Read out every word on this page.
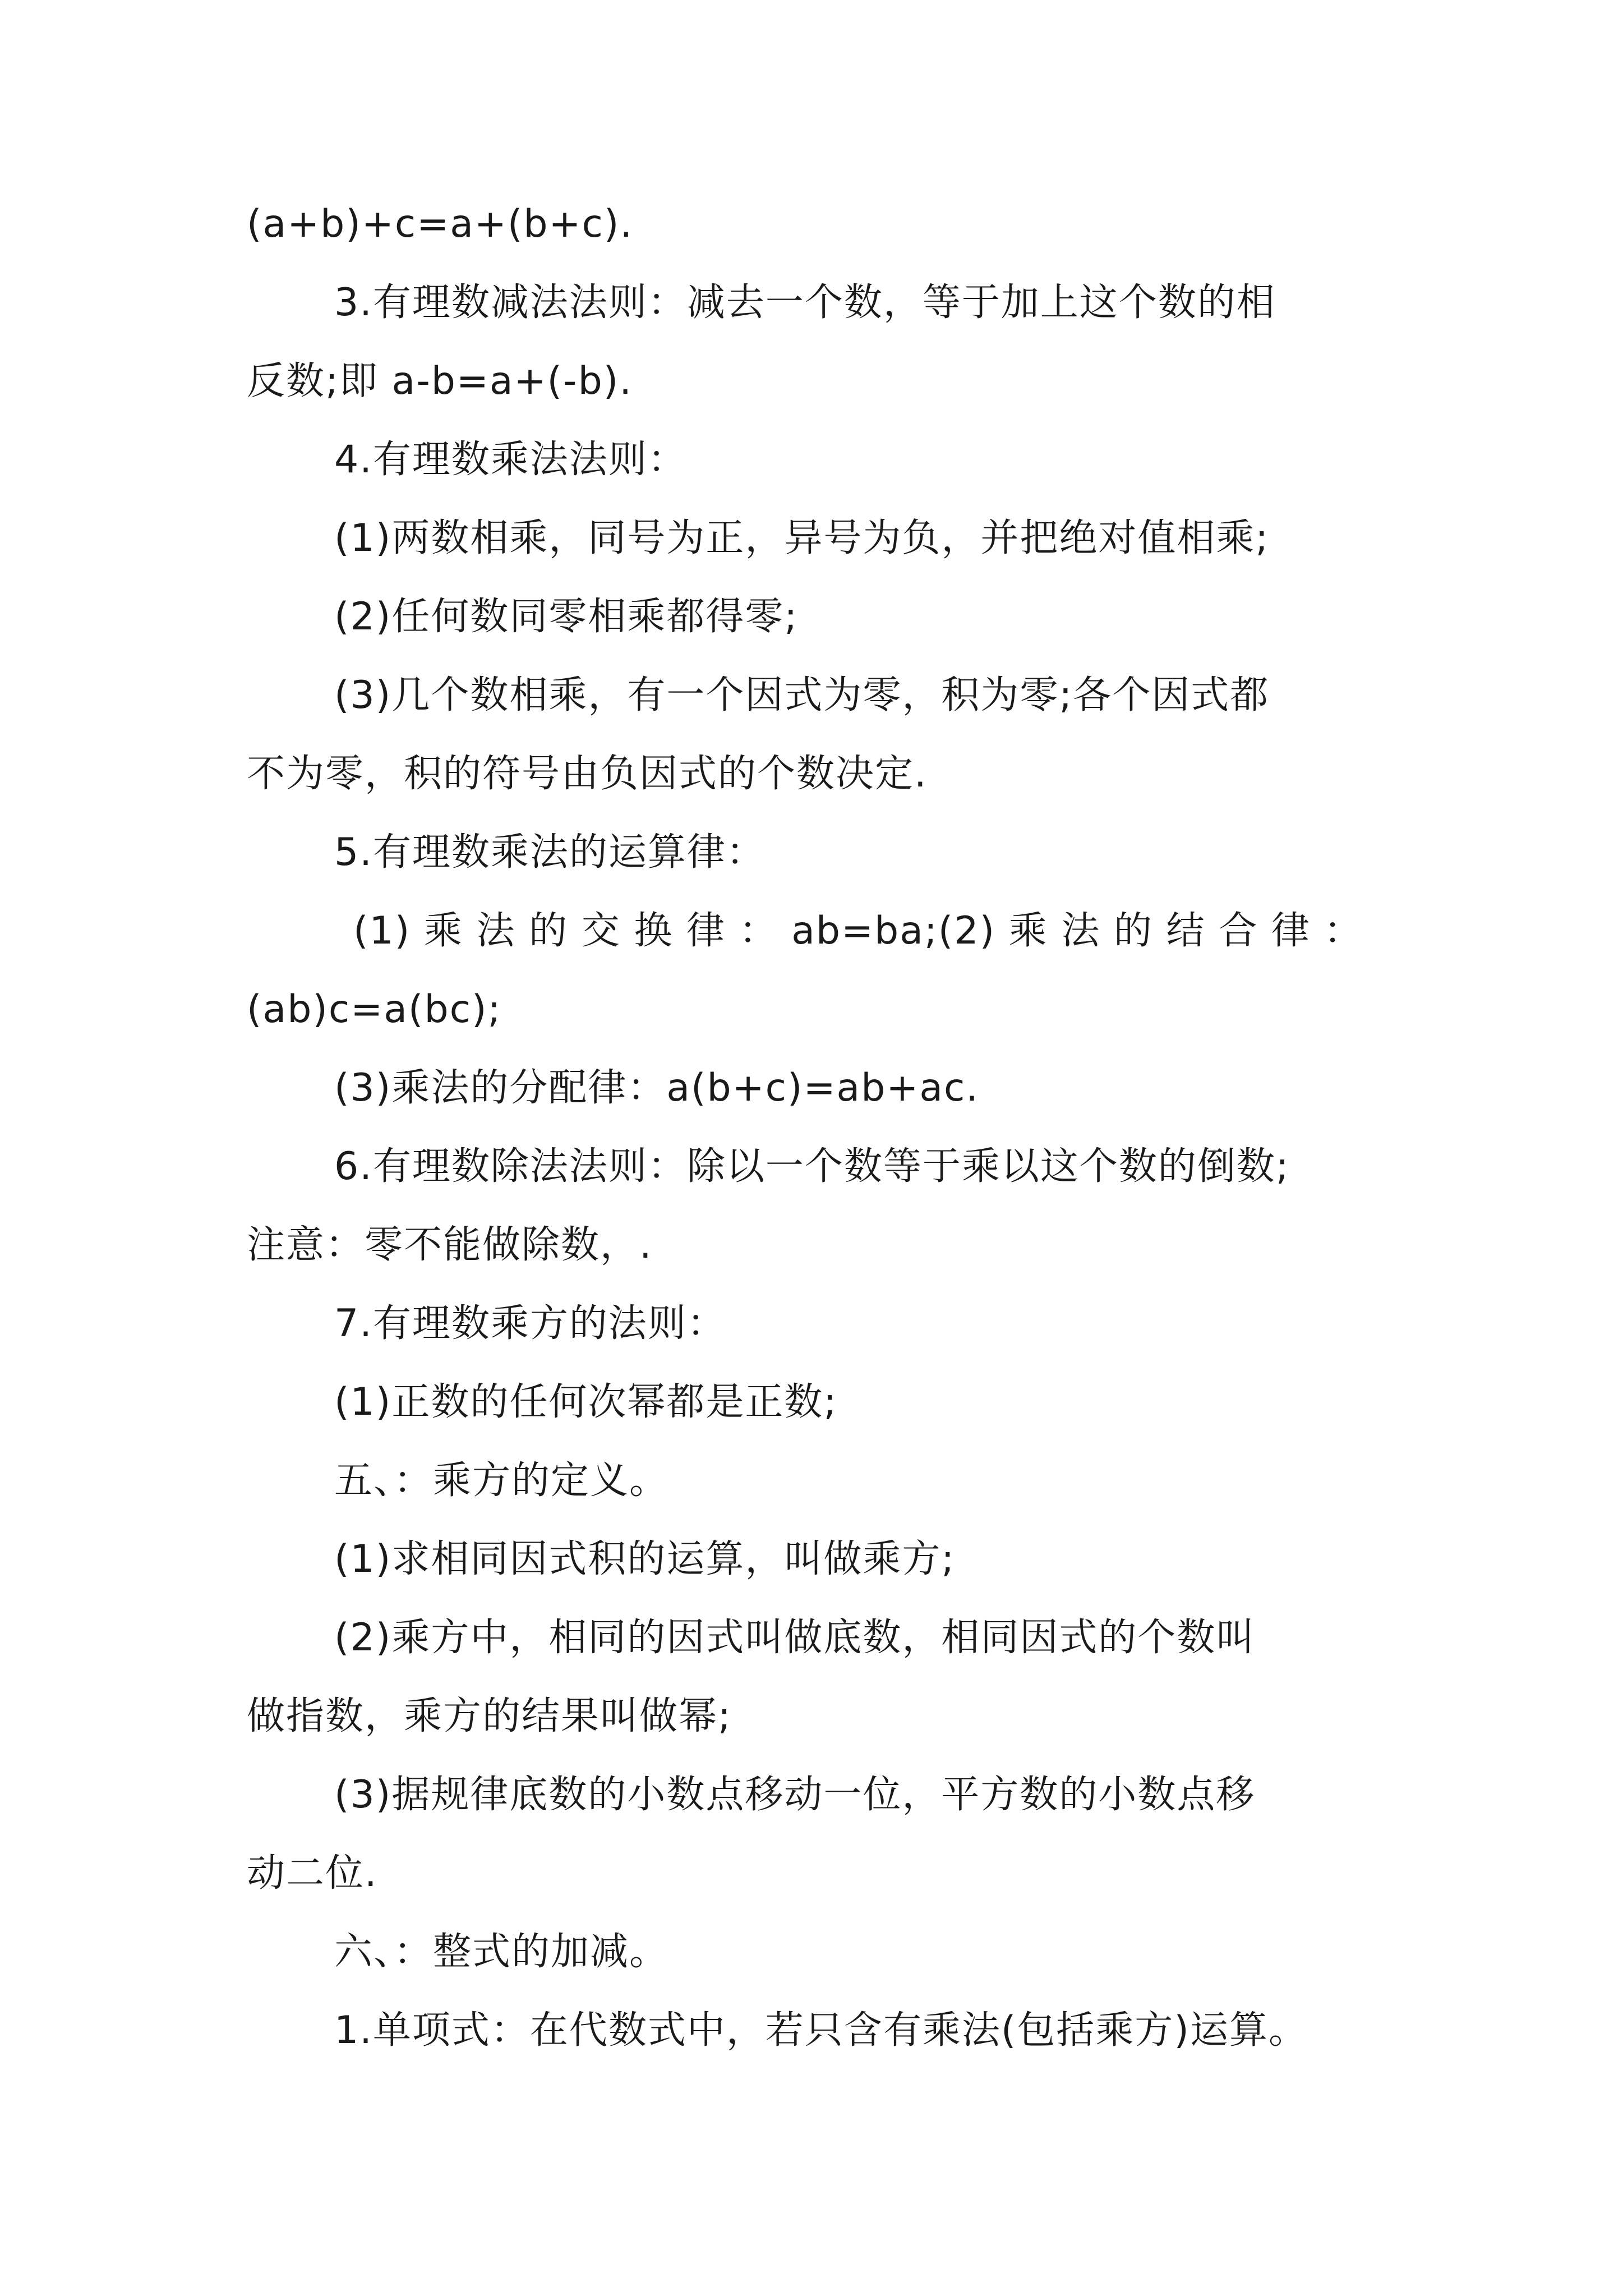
(a+b)+c=a+(b+c).
3.有理数减法法则：减去一个数，等于加上这个数的相
反数;即 a-b=a+(-b).
4.有理数乘法法则：
(1)两数相乘，同号为正，异号为负，并把绝对值相乘;
(2)任何数同零相乘都得零;
(3)几个数相乘，有一个因式为零，积为零;各个因式都
不为零，积的符号由负因式的个数决定.
5.有理数乘法的运算律：
(1) 乘 法 的 交 换 律 ： ab=ba;(2) 乘 法 的 结 合 律 ：
(ab)c=a(bc);
(3)乘法的分配律：a(b+c)=ab+ac.
6.有理数除法法则：除以一个数等于乘以这个数的倒数;
注意：零不能做除数，.
7.有理数乘方的法则：
(1)正数的任何次幂都是正数;
五、：乘方的定义。
(1)求相同因式积的运算，叫做乘方;
(2)乘方中，相同的因式叫做底数，相同因式的个数叫
做指数，乘方的结果叫做幂;
(3)据规律底数的小数点移动一位，平方数的小数点移
动二位.
六、：整式的加减。
1.单项式：在代数式中，若只含有乘法(包括乘方)运算。
